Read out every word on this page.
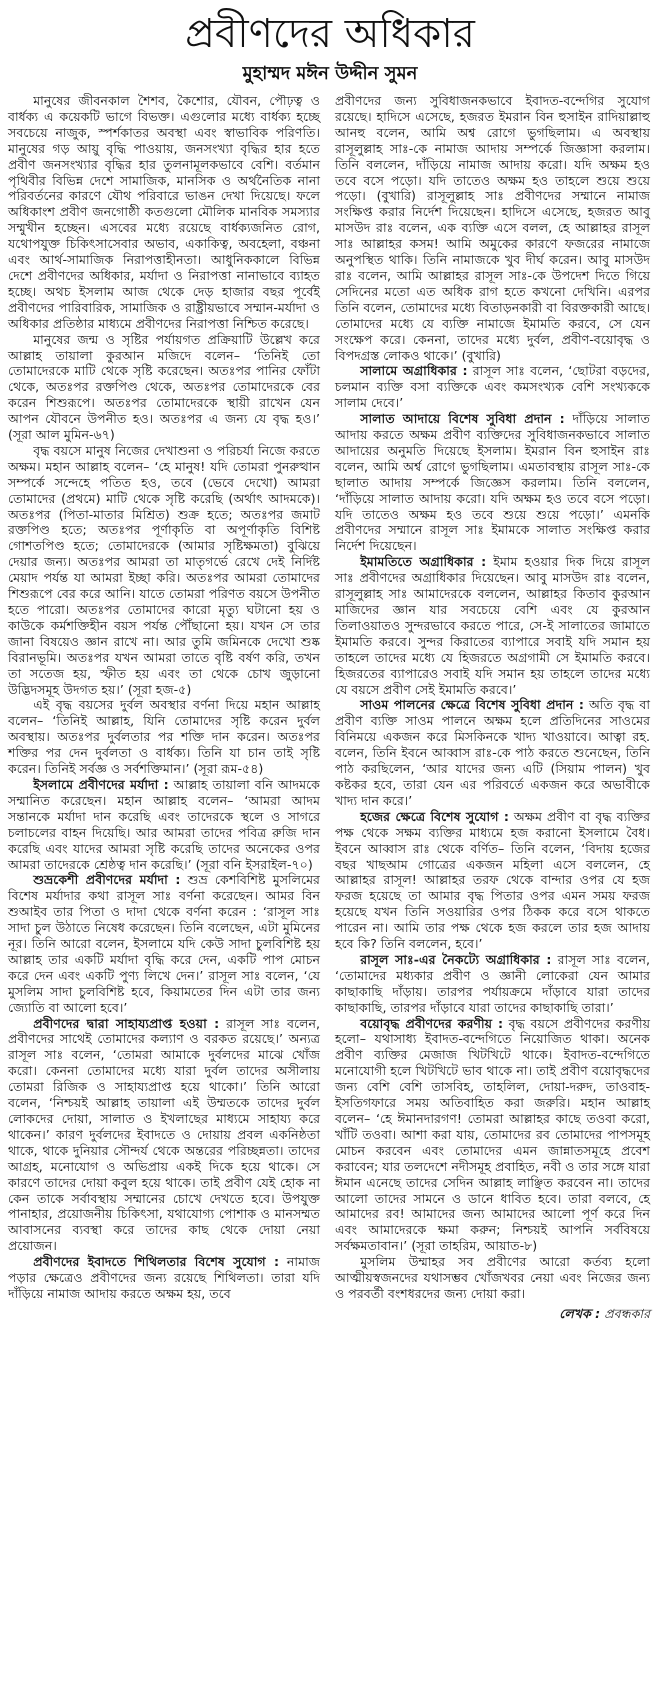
প্রবীণদের অধিকার
মুহাম্মদ মঈন উদ্দীন সুমন

মানুষের জীবনকাল শৈশব, কৈশোর, যৌবন, পৌঢ়ত্ব ও বার্ধক্য এ কয়েকটি ভাগে বিভক্ত। এগুলোর মধ্যে বার্ধক্য হচ্ছে সবচেয়ে নাজুক, স্পর্শকাতর অবস্থা এবং স্বাভাবিক পরিণতি। মানুষের গড় আয়ু বৃদ্ধি পাওয়ায়, জনসংখ্যা বৃদ্ধির হার হতে প্রবীণ জনসংখ্যার বৃদ্ধির হার তুলনামূলকভাবে বেশি। বর্তমান পৃথিবীর বিভিন্ন দেশে সামাজিক, মানসিক ও অর্থনৈতিক নানা পরিবর্তনের কারণে যৌথ পরিবারে ভাঙন দেখা দিয়েছে। ফলে অধিকাংশ প্রবীণ জনগোষ্ঠী কতগুলো মৌলিক মানবিক সমস্যার সম্মুখীন হচ্ছেন। এসবের মধ্যে রয়েছে বার্ধক্যজনিত রোগ, যথোপযুক্ত চিকিৎসাসেবার অভাব, একাকিত্ব, অবহেলা, বঞ্চনা এবং আর্থ-সামাজিক নিরাপত্তাহীনতা। আধুনিককালে বিভিন্ন দেশে প্রবীণদের অধিকার, মর্যাদা ও নিরাপত্তা নানাভাবে ব্যাহত হচ্ছে। অথচ ইসলাম আজ থেকে দেড় হাজার বছর পূর্বেই প্রবীণদের পারিবারিক, সামাজিক ও রাষ্ট্রীয়ভাবে সম্মান-মর্যাদা ও অধিকার প্রতিষ্ঠার মাধ্যমে প্রবীণদের নিরাপত্তা নিশ্চিত করেছে।

মানুষের জন্ম ও সৃষ্টির পর্যায়গত প্রক্রিয়াটি উল্লেখ করে আল্লাহ তায়ালা কুরআন মজিদে বলেন– ‘তিনিই তো তোমাদেরকে মাটি থেকে সৃষ্টি করেছেন। অতঃপর পানির ফোঁটা থেকে, অতঃপর রক্তপিণ্ড থেকে, অতঃপর তোমাদেরকে বের করেন শিশুরূপে। অতঃপর তোমাদেরকে স্থায়ী রাখেন যেন আপন যৌবনে উপনীত হও। অতঃপর এ জন্য যে বৃদ্ধ হও।’ (সূরা আল মুমিন-৬৭)

বৃদ্ধ বয়সে মানুষ নিজের দেখাশুনা ও পরিচর্যা নিজে করতে অক্ষম। মহান আল্লাহ বলেন– ‘হে মানুষ! যদি তোমরা পুনরুত্থান সম্পর্কে সন্দেহে পতিত হও, তবে (ভেবে দেখো) আমরা তোমাদের (প্রথমে) মাটি থেকে সৃষ্টি করেছি (অর্থাৎ আদমকে)। অতঃপর (পিতা-মাতার মিশ্রিত) শুক্র হতে; অতঃপর জমাট রক্তপিণ্ড হতে; অতঃপর পূর্ণাকৃতি বা অপূর্ণাকৃতি বিশিষ্ট গোশতপিণ্ড হতে; তোমাদেরকে (আমার সৃষ্টিক্ষমতা) বুঝিয়ে দেয়ার জন্য। অতঃপর আমরা তা মাতৃগর্ভে রেখে দেই নির্দিষ্ট মেয়াদ পর্যন্ত যা আমরা ইচ্ছা করি। অতঃপর আমরা তোমাদের শিশুরূপে বের করে আনি। যাতে তোমরা পরিণত বয়সে উপনীত হতে পারো। অতঃপর তোমাদের কারো মৃত্যু ঘটানো হয় ও কাউকে কর্মশক্তিহীন বয়স পর্যন্ত পৌঁছানো হয়। যখন সে তার জানা বিষয়েও জ্ঞান রাখে না। আর তুমি জমিনকে দেখো শুষ্ক বিরানভূমি। অতঃপর যখন আমরা তাতে বৃষ্টি বর্ষণ করি, তখন তা সতেজ হয়, স্ফীত হয় এবং তা থেকে চোখ জুড়ানো উদ্ভিদসমূহ উদগত হয়।’ (সূরা হজ-৫)

এই বৃদ্ধ বয়সের দুর্বল অবস্থার বর্ণনা দিয়ে মহান আল্লাহ বলেন– ‘তিনিই আল্লাহ, যিনি তোমাদের সৃষ্টি করেন দুর্বল অবস্থায়। অতঃপর দুর্বলতার পর শক্তি দান করেন। অতঃপর শক্তির পর দেন দুর্বলতা ও বার্ধক্য। তিনি যা চান তাই সৃষ্টি করেন। তিনিই সর্বজ্ঞ ও সর্বশক্তিমান।’ (সূরা রূম-৫৪)

ইসলামে প্রবীণদের মর্যাদা : আল্লাহ তায়ালা বনি আদমকে সম্মানিত করেছেন। মহান আল্লাহ বলেন– ‘আমরা আদম সন্তানকে মর্যাদা দান করেছি এবং তাদেরকে স্থলে ও সাগরে চলাচলের বাহন দিয়েছি। আর আমরা তাদের পবিত্র রুজি দান করেছি এবং যাদের আমরা সৃষ্টি করেছি তাদের অনেকের ওপর আমরা তাদেরকে শ্রেষ্ঠত্ব দান করেছি।’ (সূরা বনি ইসরাইল-৭০)

শুভ্রকেশী প্রবীণদের মর্যাদা : শুভ্র কেশবিশিষ্ট মুসলিমের বিশেষ মর্যাদার কথা রাসূল সাঃ বর্ণনা করেছেন। আমর বিন শুআইব তার পিতা ও দাদা থেকে বর্ণনা করেন : ‘রাসূল সাঃ সাদা চুল উঠাতে নিষেধ করেছেন। তিনি বলেছেন, এটা মুমিনের নূর। তিনি আরো বলেন, ইসলামে যদি কেউ সাদা চুলবিশিষ্ট হয় আল্লাহ তার একটি মর্যাদা বৃদ্ধি করে দেন, একটি পাপ মোচন করে দেন এবং একটি পুণ্য লিখে দেন।’ রাসূল সাঃ বলেন, ‘যে মুসলিম সাদা চুলবিশিষ্ট হবে, কিয়ামতের দিন এটা তার জন্য জ্যোতি বা আলো হবে।’

প্রবীণদের দ্বারা সাহায্যপ্রাপ্ত হওয়া : রাসূল সাঃ বলেন, প্রবীণদের সাথেই তোমাদের কল্যাণ ও বরকত রয়েছে।’ অন্যত্র রাসূল সাঃ বলেন, ‘তোমরা আমাকে দুর্বলদের মাঝে খোঁজ করো। কেননা তোমাদের মধ্যে যারা দুর্বল তাদের অসীলায় তোমরা রিজিক ও সাহায্যপ্রাপ্ত হয়ে থাকো।’ তিনি আরো বলেন, ‘নিশ্চয়ই আল্লাহ তায়ালা এই উম্মতকে তাদের দুর্বল লোকদের দোয়া, সালাত ও ইখলাছের মাধ্যমে সাহায্য করে থাকেন।’ কারণ দুর্বলদের ইবাদতে ও দোয়ায় প্রবল একনিষ্ঠতা থাকে, থাকে দুনিয়ার সৌন্দর্য থেকে অন্তরের পরিচ্ছন্নতা। তাদের আগ্রহ, মনোযোগ ও অভিপ্রায় একই দিকে হয়ে থাকে। সে কারণে তাদের দোয়া কবুল হয়ে থাকে। তাই প্রবীণ যেই হোক না কেন তাকে সর্বাবস্থায় সম্মানের চোখে দেখতে হবে। উপযুক্ত পানাহার, প্রয়োজনীয় চিকিৎসা, যথাযোগ্য পোশাক ও মানসম্মত আবাসনের ব্যবস্থা করে তাদের কাছ থেকে দোয়া নেয়া প্রয়োজন।

প্রবীণদের ইবাদতে শিথিলতার বিশেষ সুযোগ : নামাজ পড়ার ক্ষেত্রেও প্রবীণদের জন্য রয়েছে শিথিলতা। তারা যদি দাঁড়িয়ে নামাজ আদায় করতে অক্ষম হয়, তবে

প্রবীণদের জন্য সুবিধাজনকভাবে ইবাদত-বন্দেগির সুযোগ রয়েছে। হাদিসে এসেছে, হজরত ইমরান বিন হুসাইন রাদিয়াল্লাহু আনহু বলেন, আমি অশ্ব রোগে ভুগছিলাম। এ অবস্থায় রাসূলুল্লাহ সাঃ-কে নামাজ আদায় সম্পর্কে জিজ্ঞাসা করলাম। তিনি বললেন, দাঁড়িয়ে নামাজ আদায় করো। যদি অক্ষম হও তবে বসে পড়ো। যদি তাতেও অক্ষম হও তাহলে শুয়ে শুয়ে পড়ো। (বুখারি) রাসূলুল্লাহ সাঃ প্রবীণদের সম্মানে নামাজ সংক্ষিপ্ত করার নির্দেশ দিয়েছেন। হাদিসে এসেছে, হজরত আবু মাসউদ রাঃ বলেন, এক ব্যক্তি এসে বলল, হে আল্লাহর রাসূল সাঃ আল্লাহর কসম! আমি অমুকের কারণে ফজরের নামাজে অনুপস্থিত থাকি। তিনি নামাজকে খুব দীর্ঘ করেন। আবু মাসউদ রাঃ বলেন, আমি আল্লাহর রাসূল সাঃ-কে উপদেশ দিতে গিয়ে সেদিনের মতো এত অধিক রাগ হতে কখনো দেখিনি। এরপর তিনি বলেন, তোমাদের মধ্যে বিতাড়নকারী বা বিরক্তকারী আছে। তোমাদের মধ্যে যে ব্যক্তি নামাজে ইমামতি করবে, সে যেন সংক্ষেপ করে। কেননা, তাদের মধ্যে দুর্বল, প্রবীণ-বয়োবৃদ্ধ ও বিপদগ্রস্ত লোকও থাকে।’ (বুখারি)

সালামে অগ্রাধিকার : রাসূল সাঃ বলেন, ‘ছোটরা বড়দের, চলমান ব্যক্তি বসা ব্যক্তিকে এবং কমসংখ্যক বেশি সংখ্যককে সালাম দেবে।’

সালাত আদায়ে বিশেষ সুবিধা প্রদান : দাঁড়িয়ে সালাত আদায় করতে অক্ষম প্রবীণ ব্যক্তিদের সুবিধাজনকভাবে সালাত আদায়ের অনুমতি দিয়েছে ইসলাম। ইমরান বিন হুসাইন রাঃ বলেন, আমি অর্শ্ব রোগে ভুগছিলাম। এমতাবস্থায় রাসূল সাঃ-কে ছালাত আদায় সম্পর্কে জিজ্ঞেস করলাম। তিনি বললেন, ‘দাঁড়িয়ে সালাত আদায় করো। যদি অক্ষম হও তবে বসে পড়ো। যদি তাতেও অক্ষম হও তবে শুয়ে শুয়ে পড়ো।’ এমনকি প্রবীণদের সম্মানে রাসূল সাঃ ইমামকে সালাত সংক্ষিপ্ত করার নির্দেশ দিয়েছেন।

ইমামতিতে অগ্রাধিকার : ইমাম হওয়ার দিক দিয়ে রাসূল সাঃ প্রবীণদের অগ্রাধিকার দিয়েছেন। আবু মাসউদ রাঃ বলেন, রাসূলুল্লাহ সাঃ আমাদেরকে বললেন, আল্লাহর কিতাব কুরআন মাজিদের জ্ঞান যার সবচেয়ে বেশি এবং যে কুরআন তিলাওয়াতও সুন্দরভাবে করতে পারে, সে-ই সালাতের জামাতে ইমামতি করবে। সুন্দর কিরাতের ব্যাপারে সবাই যদি সমান হয় তাহলে তাদের মধ্যে যে হিজরতে অগ্রগামী সে ইমামতি করবে। হিজরতের ব্যাপারেও সবাই যদি সমান হয় তাহলে তাদের মধ্যে যে বয়সে প্রবীণ সেই ইমামতি করবে।’

সাওম পালনের ক্ষেত্রে বিশেষ সুবিধা প্রদান : অতি বৃদ্ধ বা প্রবীণ ব্যক্তি সাওম পালনে অক্ষম হলে প্রতিদিনের সাওমের বিনিময়ে একজন করে মিসকিনকে খাদ্য খাওয়াবে। আত্বা রহ. বলেন, তিনি ইবনে আব্বাস রাঃ-কে পাঠ করতে শুনেছেন, তিনি পাঠ করছিলেন, ‘আর যাদের জন্য এটি (সিয়াম পালন) খুব কষ্টকর হবে, তারা যেন এর পরিবর্তে একজন করে অভাবীকে খাদ্য দান করে।’

হজের ক্ষেত্রে বিশেষ সুযোগ : অক্ষম প্রবীণ বা বৃদ্ধ ব্যক্তির পক্ষ থেকে সক্ষম ব্যক্তির মাধ্যমে হজ করানো ইসলামে বৈধ। ইবনে আব্বাস রাঃ থেকে বর্ণিত– তিনি বলেন, ‘বিদায় হজের বছর খাছআম গোত্রের একজন মহিলা এসে বললেন, হে আল্লাহর রাসূল! আল্লাহর তরফ থেকে বান্দার ওপর যে হজ ফরজ হয়েছে তা আমার বৃদ্ধ পিতার ওপর এমন সময় ফরজ হয়েছে যখন তিনি সওয়ারির ওপর ঠিকক করে বসে থাকতে পারেন না। আমি তার পক্ষ থেকে হজ করলে তার হজ আদায় হবে কি? তিনি বললেন, হবে।’

রাসূল সাঃ-এর নৈকট্যে অগ্রাধিকার : রাসূল সাঃ বলেন, ‘তোমাদের মধ্যকার প্রবীণ ও জ্ঞানী লোকেরা যেন আমার কাছাকাছি দাঁড়ায়। তারপর পর্যায়ক্রমে দাঁড়াবে যারা তাদের কাছাকাছি, তারপর দাঁড়াবে যারা তাদের কাছাকাছি তারা।’

বয়োবৃদ্ধ প্রবীণদের করণীয় : বৃদ্ধ বয়সে প্রবীণদের করণীয় হলো– যথাসাধ্য ইবাদত-বন্দেগিতে নিয়োজিত থাকা। অনেক প্রবীণ ব্যক্তির মেজাজ খিটখিটে থাকে। ইবাদত-বন্দেগিতে মনোযোগী হলে খিটখিটে ভাব থাকে না। তাই প্রবীণ বয়োবৃদ্ধদের জন্য বেশি বেশি তাসবিহ, তাহলিল, দোয়া-দরুদ, তাওবাহ-ইসতিগফারে সময় অতিবাহিত করা জরুরি। মহান আল্লাহ বলেন– ‘হে ঈমানদারগণ! তোমরা আল্লাহর কাছে তওবা করো, খাঁটি তওবা। আশা করা যায়, তোমাদের রব তোমাদের পাপসমূহ মোচন করবেন এবং তোমাদের এমন জান্নাতসমূহে প্রবেশ করাবেন; যার তলদেশে নদীসমূহ প্রবাহিত, নবী ও তার সঙ্গে যারা ঈমান এনেছে তাদের সেদিন আল্লাহ লাঞ্ছিত করবেন না। তাদের আলো তাদের সামনে ও ডানে ধাবিত হবে। তারা বলবে, হে আমাদের রব! আমাদের জন্য আমাদের আলো পূর্ণ করে দিন এবং আমাদেরকে ক্ষমা করুন; নিশ্চয়ই আপনি সর্ববিষয়ে সর্বক্ষমতাবান।’ (সূরা তাহরিম, আয়াত-৮)

মুসলিম উম্মাহর সব প্রবীণের আরো কর্তব্য হলো আত্মীয়স্বজনদের যথাসম্ভব খোঁজখবর নেয়া এবং নিজের জন্য ও পরবর্তী বংশধরদের জন্য দোয়া করা।

লেখক : প্রবন্ধকার
